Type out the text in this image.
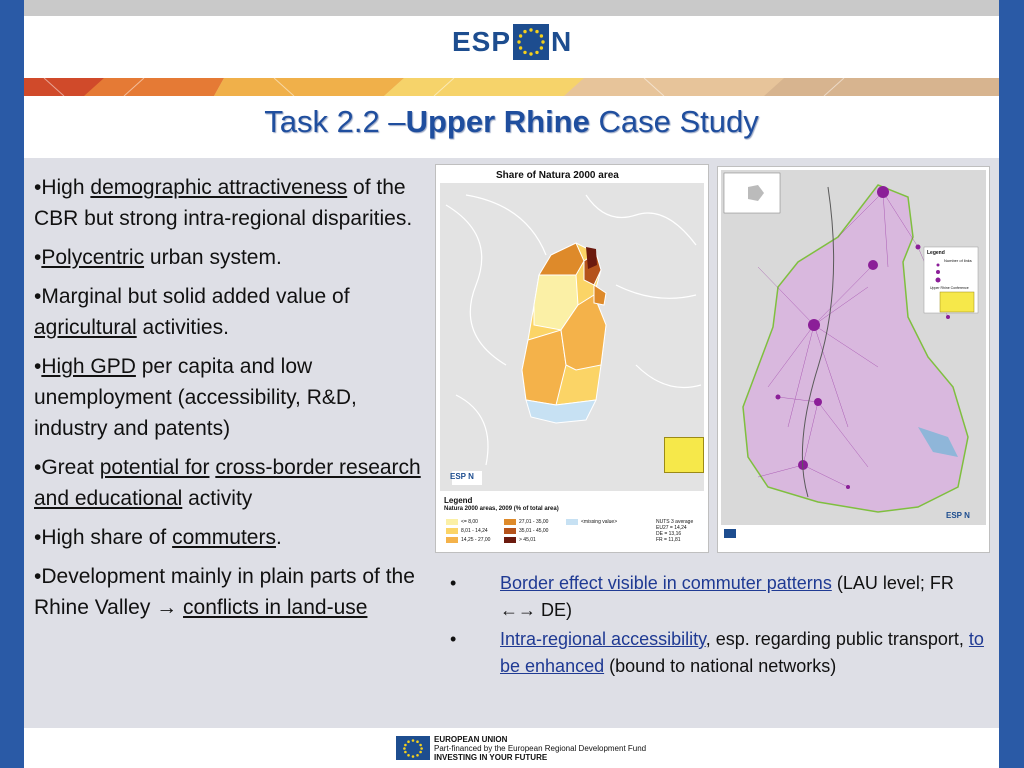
ESP N
Task 2.2 –Upper Rhine Case Study

•High demographic attractiveness of the CBR but strong intra-regional disparities.

•Polycentric urban system.

•Marginal but solid added value of agricultural activities.

•High GPD per capita and low unemployment (accessibility, R&D, industry and patents)

•Great potential for cross-border research and educational activity

•High share of commuters.

•Development mainly in plain parts of the Rhine Valley → conflicts in land-use

Share of Natura 2000 area
ESP N
Legend
Natura 2000 areas, 2009 (% of total area)
<= 8,00
8,01 - 14,24
14,25 - 27,00
27,01 - 35,00
35,01 - 45,00
> 45,01
<missing value>	NUTS 3 average
EU27 = 14,24
DE = 13,16
FR = 11,81
ESP N
Legend
Number of links
Upper Rhine Conference
• Border effect visible in commuter patterns (LAU level; FR ←→ DE)
• Intra-regional accessibility, esp. regarding public transport, to be enhanced (bound to national networks)
EUROPEAN UNION
Part-financed by the European Regional Development Fund
INVESTING IN YOUR FUTURE
